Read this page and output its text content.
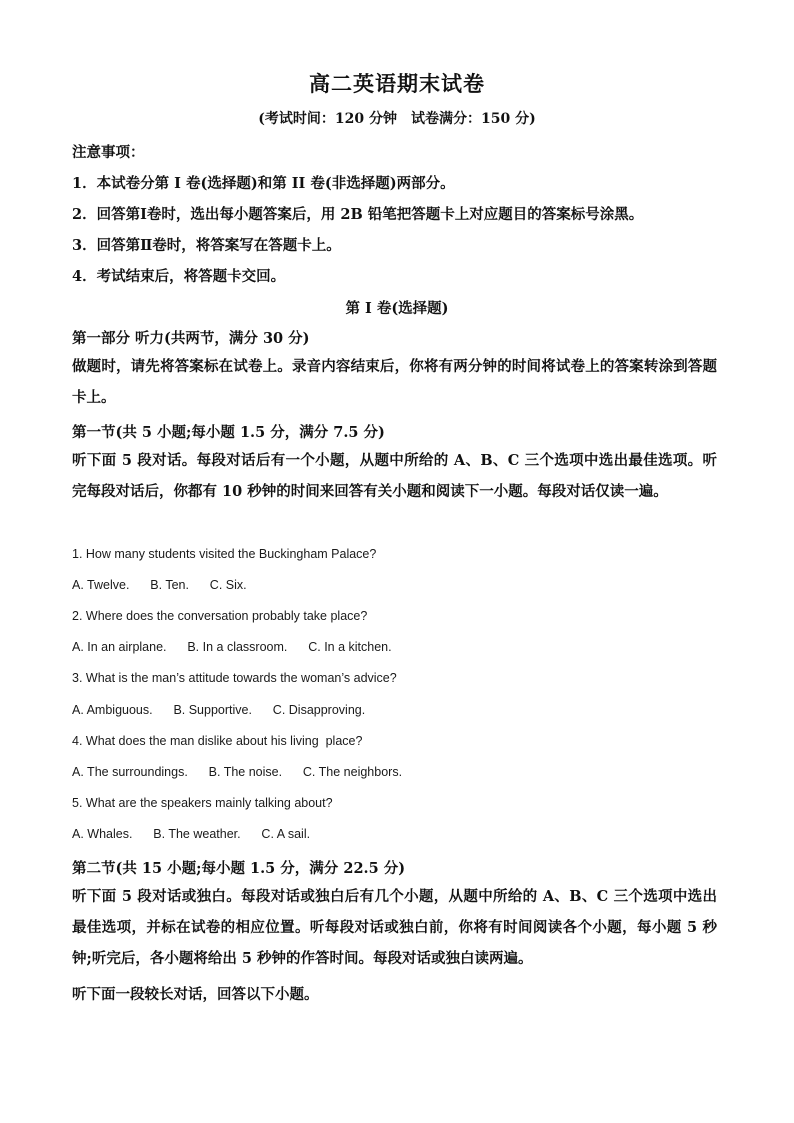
高二英语期末试卷
(考试时间：120 分钟　试卷满分：150 分)
注意事项：
1．本试卷分第 I 卷(选择题)和第 II 卷(非选择题)两部分。
2．回答第Ⅰ卷时，选出每小题答案后，用 2B 铅笔把答题卡上对应题目的答案标号涂黑。
3．回答第Ⅱ卷时，将答案写在答题卡上。
4．考试结束后，将答题卡交回。
第 I 卷(选择题)
第一部分 听力(共两节，满分 30 分)
做题时，请先将答案标在试卷上。录音内容结束后，你将有两分钟的时间将试卷上的答案转涂到答题卡上。
第一节(共 5 小题;每小题 1.5 分，满分 7.5 分)
听下面 5 段对话。每段对话后有一个小题，从题中所给的 A、B、C 三个选项中选出最佳选项。听完每段对话后，你都有 10 秒钟的时间来回答有关小题和阅读下一小题。每段对话仅读一遍。
1. How many students visited the Buckingham Palace?
A. Twelve.      B. Ten.      C. Six.
2. Where does the conversation probably take place?
A. In an airplane.      B. In a classroom.      C. In a kitchen.
3. What is the man’s attitude towards the woman’s advice?
A. Ambiguous.      B. Supportive.      C. Disapproving.
4. What does the man dislike about his living  place?
A. The surroundings.      B. The noise.      C. The neighbors.
5. What are the speakers mainly talking about?
A. Whales.      B. The weather.      C. A sail.
第二节(共 15 小题;每小题 1.5 分，满分 22.5 分)
听下面 5 段对话或独白。每段对话或独白后有几个小题，从题中所给的 A、B、C 三个选项中选出最佳选项，并标在试卷的相应位置。听每段对话或独白前，你将有时间阅读各个小题，每小题 5 秒钟;听完后，各小题将给出 5 秒钟的作答时间。每段对话或独白读两遍。
听下面一段较长对话，回答以下小题。
